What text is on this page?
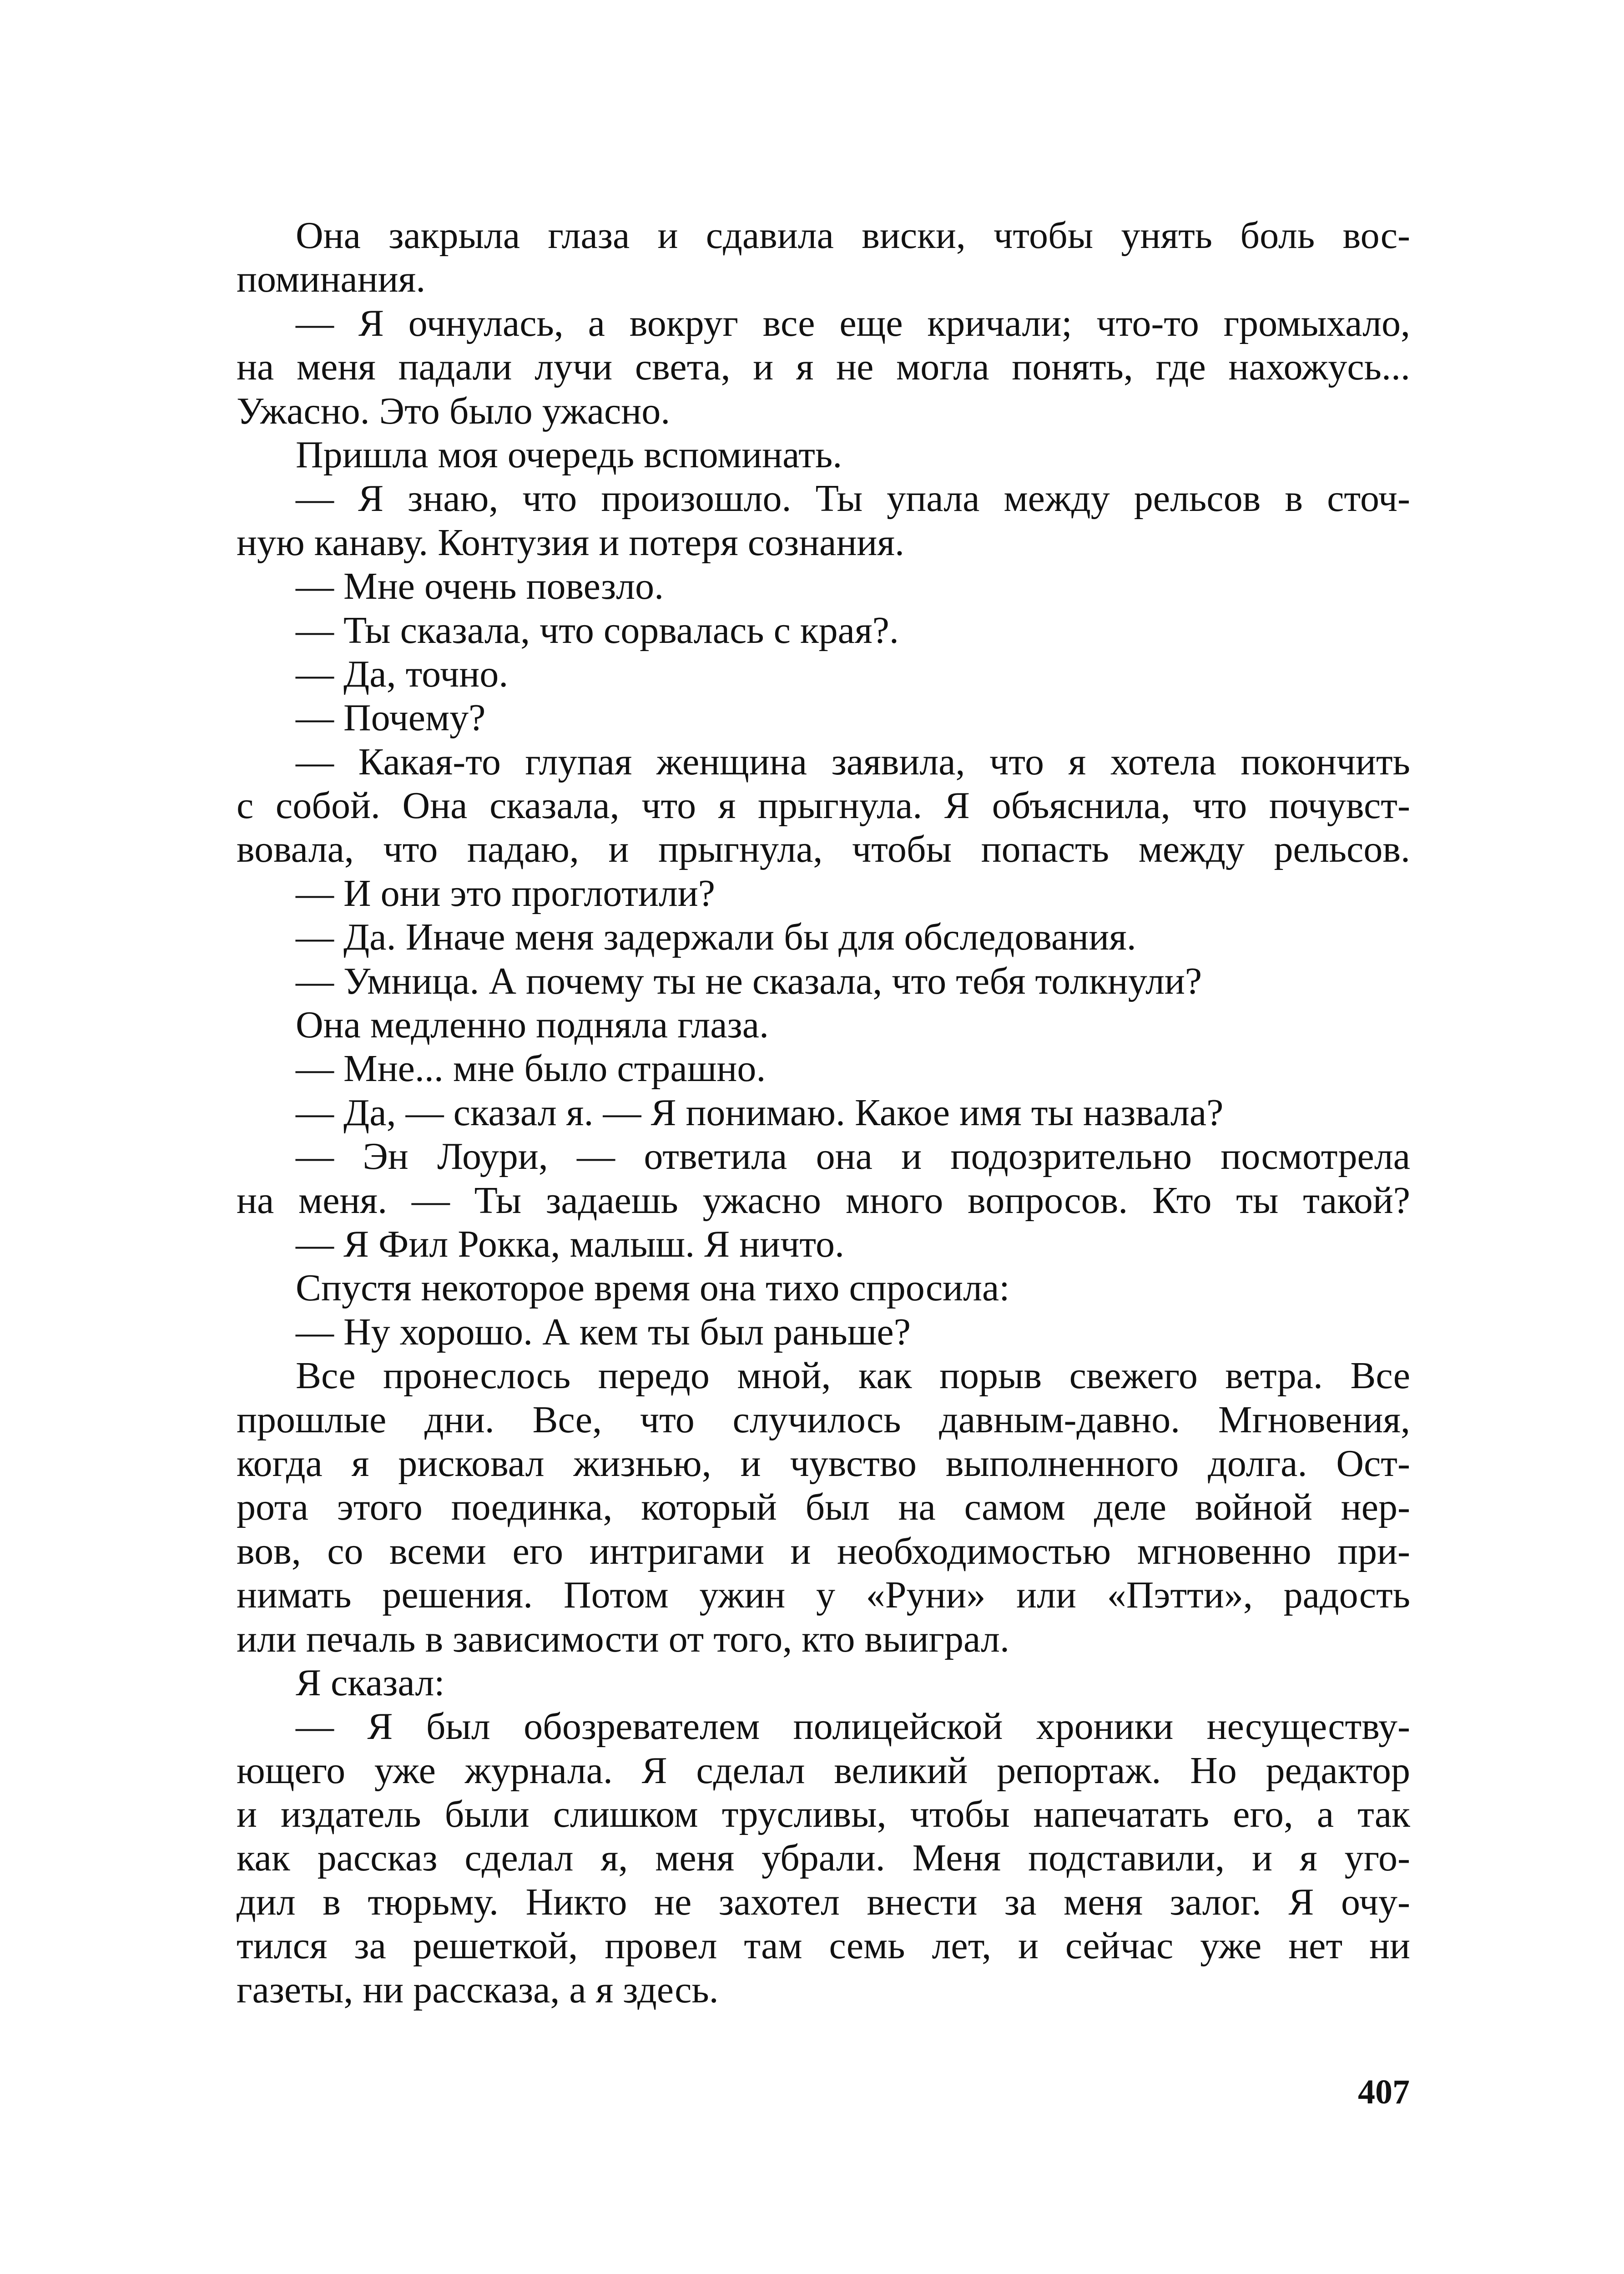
Она закрыла глаза и сдавила виски, чтобы унять боль вос-
поминания.
— Я очнулась, а вокруг все еще кричали; что-то громыхало,
на меня падали лучи света, и я не могла понять, где нахожусь...
Ужасно. Это было ужасно.
Пришла моя очередь вспоминать.
— Я знаю, что произошло. Ты упала между рельсов в сточ-
ную канаву. Контузия и потеря сознания.
— Мне очень повезло.
— Ты сказала, что сорвалась с края?.
— Да, точно.
— Почему?
— Какая-то глупая женщина заявила, что я хотела покончить
с собой. Она сказала, что я прыгнула. Я объяснила, что почувст-
вовала, что падаю, и прыгнула, чтобы попасть между рельсов.
— И они это проглотили?
— Да. Иначе меня задержали бы для обследования.
— Умница. А почему ты не сказала, что тебя толкнули?
Она медленно подняла глаза.
— Мне... мне было страшно.
— Да, — сказал я. — Я понимаю. Какое имя ты назвала?
— Эн Лоури, — ответила она и подозрительно посмотрела
на меня. — Ты задаешь ужасно много вопросов. Кто ты такой?
— Я Фил Рокка, малыш. Я ничто.
Спустя некоторое время она тихо спросила:
— Ну хорошо. А кем ты был раньше?
Все пронеслось передо мной, как порыв свежего ветра. Все
прошлые дни. Все, что случилось давным-давно. Мгновения,
когда я рисковал жизнью, и чувство выполненного долга. Ост-
рота этого поединка, который был на самом деле войной нер-
вов, со всеми его интригами и необходимостью мгновенно при-
нимать решения. Потом ужин у «Руни» или «Пэтти», радость
или печаль в зависимости от того, кто выиграл.
Я сказал:
— Я был обозревателем полицейской хроники несуществу-
ющего уже журнала. Я сделал великий репортаж. Но редактор
и издатель были слишком трусливы, чтобы напечатать его, а так
как рассказ сделал я, меня убрали. Меня подставили, и я уго-
дил в тюрьму. Никто не захотел внести за меня залог. Я очу-
тился за решеткой, провел там семь лет, и сейчас уже нет ни
газеты, ни рассказа, а я здесь.
407
